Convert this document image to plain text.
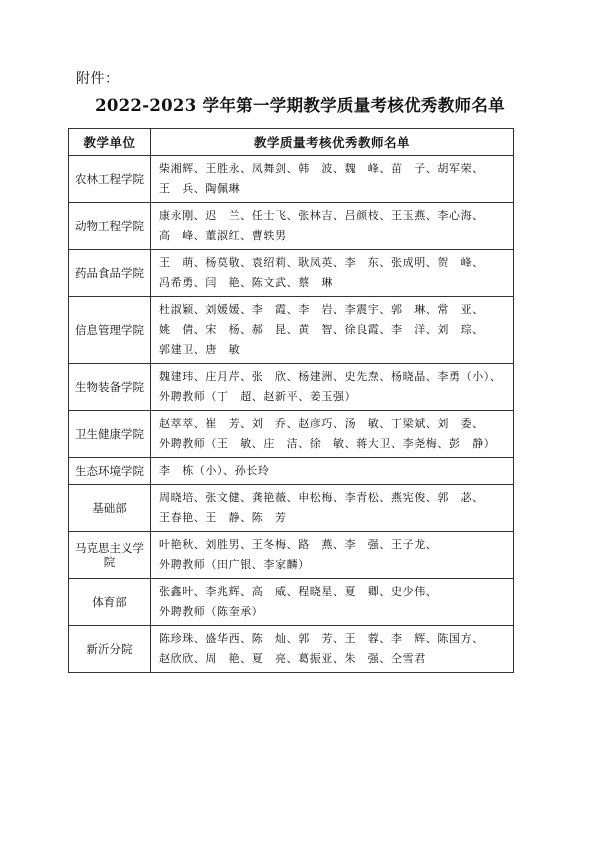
附件：
2022-2023 学年第一学期教学质量考核优秀教师名单
教学单位	教学质量考核优秀教师名单
农林工程学院	柴湘辉、王胜永、凤舞剑、韩　波、魏　峰、苗　子、胡军荣、
王　兵、陶佩琳

动物工程学院	康永刚、迟　兰、任士飞、张林吉、吕颜枝、王玉燕、李心海、
高　峰、董淑红、曹轶男

药品食品学院	王　萌、杨莫敬、袁绍莉、耿凤英、李　东、张成明、贺　峰、
冯希勇、闫　艳、陈文武、蔡　琳

信息管理学院	杜淑颖、刘媛媛、李　霞、李　岩、李震宇、郭　琳、常　亚、
姚　倩、宋　杨、郝　昆、黄　智、徐良霞、李　洋、刘　琮、
郭建卫、唐　敏

生物装备学院	魏建玮、庄月芹、张　欣、杨建洲、史先焘、杨晓晶、李勇（小）、
外聘教师（丁　超、赵新平、姜玉强）

卫生健康学院	赵萃萃、崔　芳、刘　乔、赵彦巧、汤　敏、丁梁斌、刘　委、
外聘教师（王　敏、庄　洁、徐　敏、蒋大卫、李尧梅、彭　静）

生态环境学院	李　栋（小）、孙长玲

基础部	周晓培、张文健、龚艳薇、申松梅、李青松、燕宪俊、郭　苾、
王春艳、王　静、陈　芳

马克思主义学院	叶艳秋、刘胜男、王冬梅、路　燕、李　强、王子龙、
外聘教师（田广银、李家麟）

体育部	张鑫叶、李兆辉、高　威、程晓星、夏　卿、史少伟、
外聘教师（陈奎承）

新沂分院	陈珍珠、盛华西、陈　灿、郭　芳、王　蓉、李　辉、陈国方、
赵欣欣、周　艳、夏　亮、葛振亚、朱　强、仝雪君
